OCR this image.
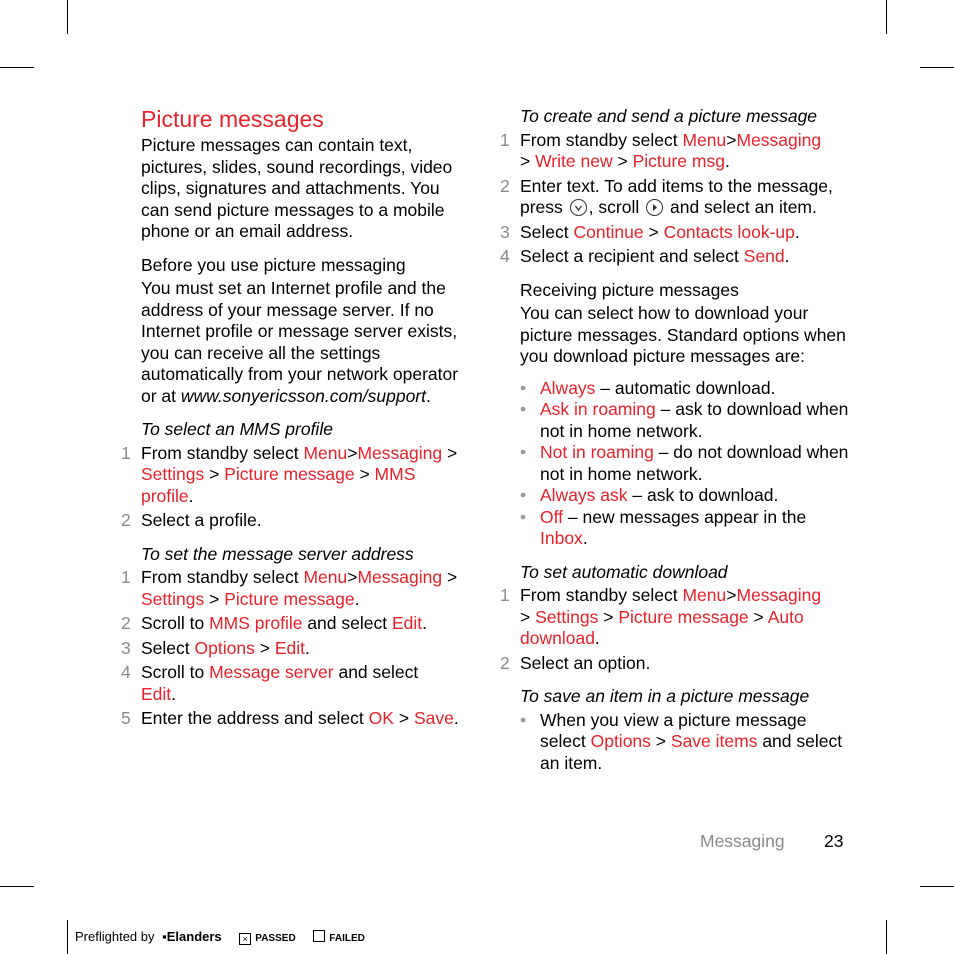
Picture messages

Picture messages can contain text, pictures, slides, sound recordings, video clips, signatures and attachments. You can send picture messages to a mobile phone or an email address.

Before you use picture messaging

You must set an Internet profile and the address of your message server. If no Internet profile or message server exists, you can receive all the settings automatically from your network operator or at www.sonyericsson.com/support.

To select an MMS profile
1 From standby select Menu>Messaging > Settings > Picture message > MMS
profile.
2 Select a profile.
To set the message server address
1 From standby select Menu>Messaging > Settings > Picture message.
2 Scroll to MMS profile and select Edit.
3 Select Options > Edit.
4 Scroll to Message server and select
Edit.
5 Enter the address and select OK > Save.
To create and send a picture message
1 From standby select Menu>Messaging
> Write new > Picture msg.
2 Enter text. To add items to the message, press , scroll and select an item.
3 Select Continue > Contacts look-up.
4 Select a recipient and select Send.
Receiving picture messages

You can select how to download your picture messages. Standard options when you download picture messages are:

• Always – automatic download.
• Ask in roaming – ask to download when not in home network.
• Not in roaming – do not download when not in home network.
• Always ask – ask to download.
• Off – new messages appear in the
Inbox.
To set automatic download
1 From standby select Menu>Messaging
> Settings > Picture message > Auto
download.
2 Select an option.
To save an item in a picture message
• When you view a picture message select Options > Save items and select an item.
Messaging 23
Preflighted by ▪︎Elanders × PASSED	FAILED
